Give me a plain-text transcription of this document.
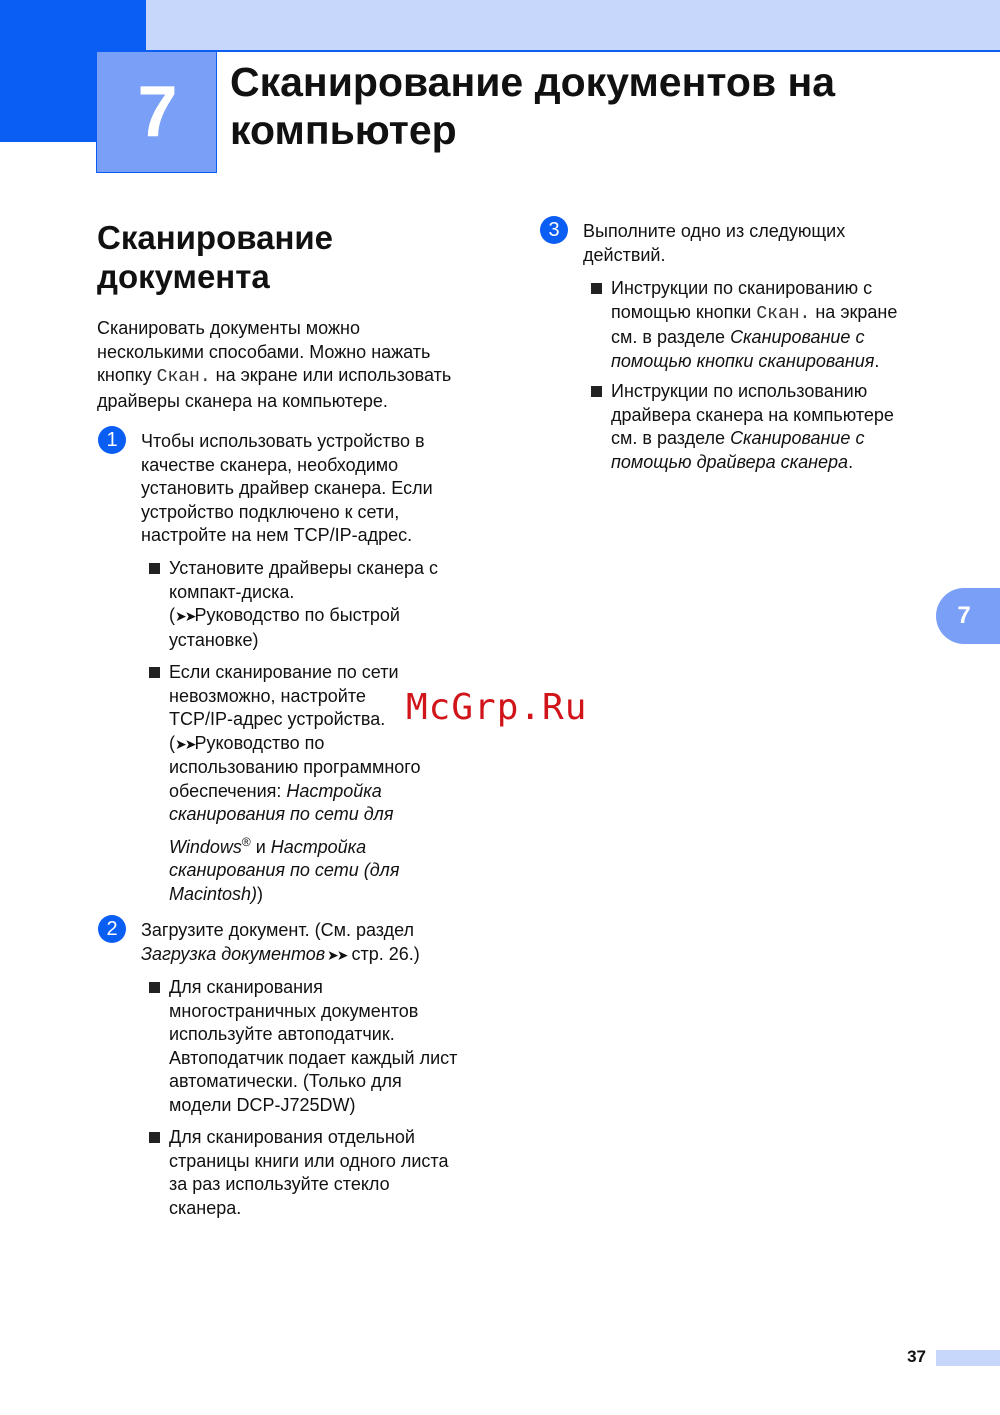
7	Сканирование документов на
компьютер
Сканирование
документа
Сканировать документы можно
несколькими способами. Можно нажать
кнопку Скан. на экране или использовать
драйверы сканера на компьютере.
1	Чтобы использовать устройство в
качестве сканера, необходимо
установить драйвер сканера. Если
устройство подключено к сети,
настройте на нем TCP/IP-адрес.
Установите драйверы сканера с
компакт-диска.
(➤➤Руководство по быстрой
установке)
Если сканирование по сети
невозможно, настройте
TCP/IP-адрес устройства.
(➤➤Руководство по
использованию программного
обеспечения: Настройка
сканирования по сети для
Windows® и Настройка
сканирования по сети (для
Macintosh))
2	Загрузите документ. (См. раздел
Загрузка документов ➤➤ стр. 26.)
Для сканирования
многостраничных документов
используйте автоподатчик.
Автоподатчик подает каждый лист
автоматически. (Только для
модели DCP-J725DW)
Для сканирования отдельной
страницы книги или одного листа
за раз используйте стекло
сканера.
3	Выполните одно из следующих
действий.
Инструкции по сканированию с
помощью кнопки Скан. на экране
см. в разделе Сканирование с
помощью кнопки сканирования.
Инструкции по использованию
драйвера сканера на компьютере
см. в разделе Сканирование с
помощью драйвера сканера.
7
McGrp.Ru
37
